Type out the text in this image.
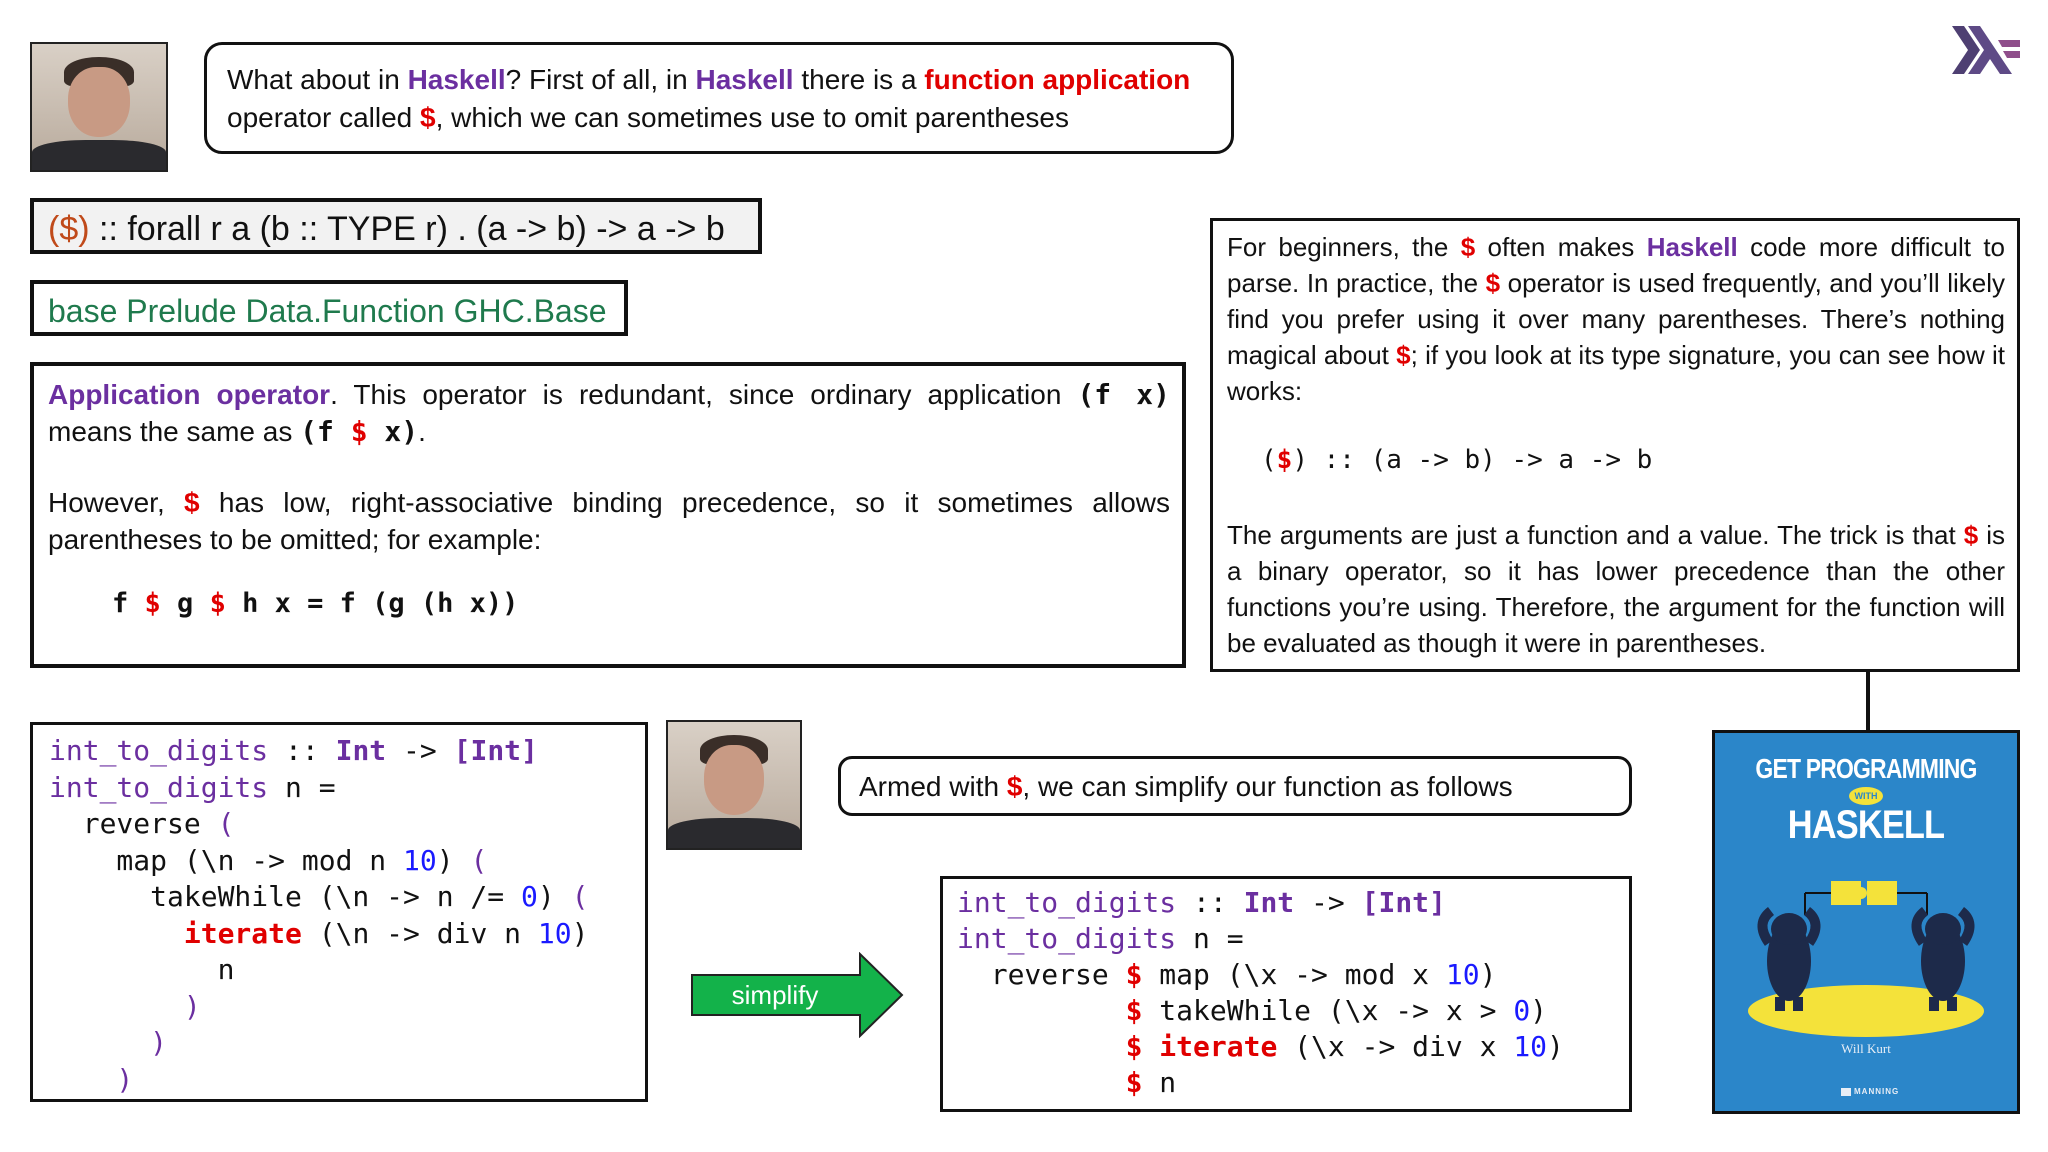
What about in Haskell? First of all, in Haskell there is a function application
operator called $, which we can sometimes use to omit parentheses
($) :: forall r a (b :: TYPE r) . (a -> b) -> a -> b
base Prelude Data.Function GHC.Base
Application operator. This operator is redundant, since ordinary application (f x) means the same as (f $ x).
However, $ has low, right-associative binding precedence, so it sometimes allows parentheses to be omitted; for example:
f $ g $ h x = f (g (h x))
For beginners, the $ often makes Haskell code more difficult to parse. In practice, the $ operator is used frequently, and you’ll likely find you prefer using it over many parentheses. There’s nothing magical about $; if you look at its type signature, you can see how it works:
($) :: (a -> b) -> a -> b
The arguments are just a function and a value. The trick is that $ is a binary operator, so it has lower precedence than the other functions you’re using. Therefore, the argument for the function will be evaluated as though it were in parentheses.
int_to_digits :: Int -> [Int]
int_to_digits n =
reverse (
map (\n -> mod n 10) (
takeWhile (\n -> n /= 0) (
iterate (\n -> div n 10)
n
)
)
)
Armed with $, we can simplify our function as follows
simplify
int_to_digits :: Int -> [Int]
int_to_digits n =
reverse $ map (\x -> mod x 10)
$ takeWhile (\x -> x > 0)
$ iterate (\x -> div x 10)
$ n
GET PROGRAMMING
WITH
HASKELL
Will Kurt
MANNING
